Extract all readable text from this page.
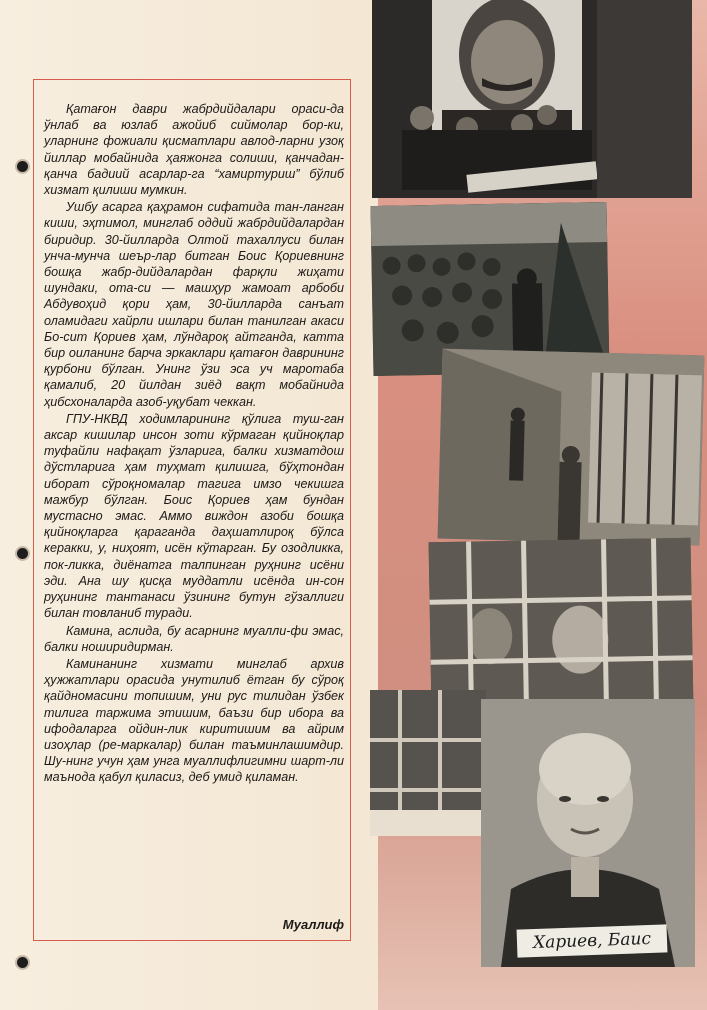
Хариев, Баис

Қатағон даври жабрдийдалари ораси-да ўнлаб ва юзлаб ажойиб сиймолар бор-ки, уларнинг фожиали қисматлари авлод-ларни узоқ йиллар мобайнида ҳаяжонга солиши, қанчадан-қанча бадиий асарлар-га “хамиртуриш” бўлиб хизмат қилиши мумкин.

Ушбу асарга қаҳрамон сифатида тан-ланган киши, эҳтимол, минглаб оддий жабрдийдалардан биридир. 30-йилларда Олтой тахаллуси билан унча-мунча шеър-лар битган Боис Қориевнинг бошқа жабр-дийдалардан фарқли жиҳати шундаки, ота-си — машҳур жамоат арбоби Абдувоҳид қори ҳам, 30-йилларда санъат оламидаги хайрли ишлари билан танилган акаси Бо-сит Қориев ҳам, лўндароқ айтганда, катта бир оиланинг барча эркаклари қатағон даврининг қурбони бўлган. Унинг ўзи эса уч маротаба қамалиб, 20 йилдан зиёд вақт мобайнида ҳибсхоналарда азоб-уқубат чеккан.

ГПУ-НКВД ходимларининг қўлига туш-ган аксар кишилар инсон зоти кўрмаган қийноқлар туфайли нафақат ўзларига, балки хизматдош дўстларига ҳам туҳмат қилишга, бўҳтондан иборат сўроқномалар тагига имзо чекишга мажбур бўлган. Боис Қориев ҳам бундан мустасно эмас. Аммо виждон азоби бошқа қийноқларга қараганда даҳшатлироқ бўлса керакки, у, ниҳоят, исён кўтарган. Бу озодликка, пок-ликка, диёнатга талпинган руҳнинг исёни эди. Ана шу қисқа муддатли исёнда ин-сон руҳининг тантанаси ўзининг бутун гўзаллиги билан товланиб туради.

Камина, аслида, бу асарнинг муалли-фи эмас, балки ноширидирман.

Каминанинг хизмати минглаб архив ҳужжатлари орасида унутилиб ётган бу сўроқ қайдномасини топишим, уни рус тилидан ўзбек тилига таржима этишим, баъзи бир ибора ва ифодаларга ойдин-лик киритишим ва айрим изоҳлар (ре-маркалар) билан таъминлашимдир. Шу-нинг учун ҳам унга муаллифлигимни шарт-ли маънода қабул қиласиз, деб умид қиламан.

Муаллиф
